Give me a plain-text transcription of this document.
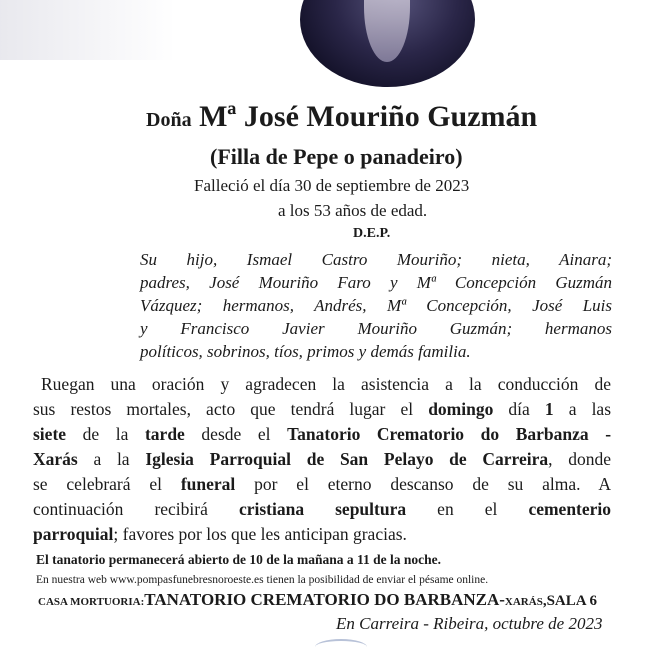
Doña Mª José Mouriño Guzmán
(Filla de Pepe o panadeiro)
Falleció el día 30 de septiembre de 2023
a los 53 años de edad.
D.E.P.
Su hijo, Ismael Castro Mouriño; nieta, Ainara;
padres, José Mouriño Faro y Mª Concepción Guzmán
Vázquez; hermanos, Andrés, Mª Concepción, José Luis
y Francisco Javier Mouriño Guzmán; hermanos
políticos, sobrinos, tíos, primos y demás familia.
Ruegan una oración y agradecen la asistencia a la conducción de
sus restos mortales, acto que tendrá lugar el domingo día 1 a las
siete de la tarde desde el Tanatorio Crematorio do Barbanza -
Xarás a la Iglesia Parroquial de San Pelayo de Carreira, donde
se celebrará el funeral por el eterno descanso de su alma. A
continuación recibirá cristiana sepultura en el cementerio
parroquial; favores por los que les anticipan gracias.
El tanatorio permanecerá abierto de 10 de la mañana a 11 de la noche.
En nuestra web www.pompasfunebresnoroeste.es tienen la posibilidad de enviar el pésame online.
CASA MORTUORIA:TANATORIO CREMATORIO DO BARBANZA-XARÁS,SALA 6
En Carreira - Ribeira, octubre de 2023
